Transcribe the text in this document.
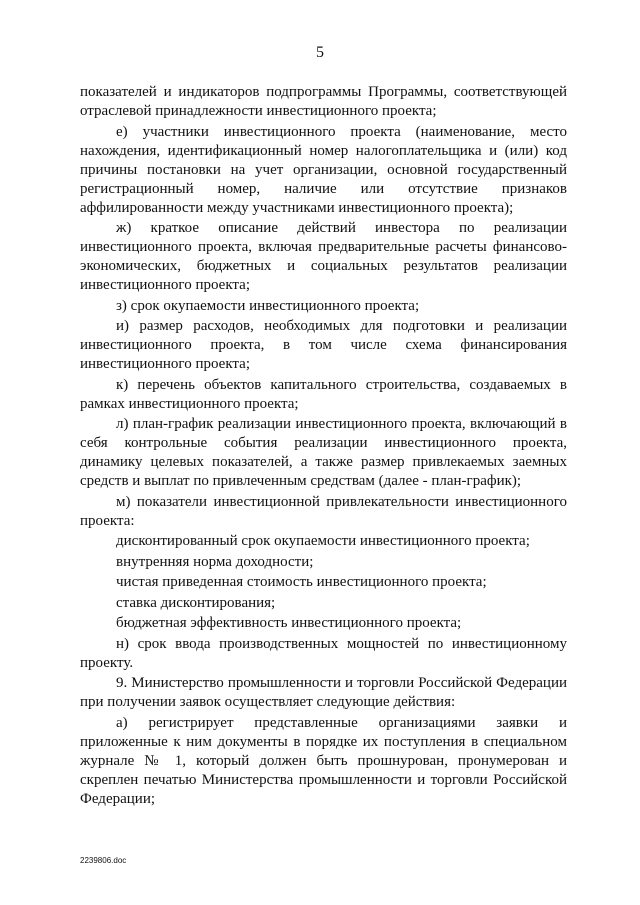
5

показателей и индикаторов подпрограммы Программы, соответствующей отраслевой принадлежности инвестиционного проекта;

е) участники инвестиционного проекта (наименование, место нахождения, идентификационный номер налогоплательщика и (или) код причины постановки на учет организации, основной государственный регистрационный номер, наличие или отсутствие признаков аффилированности между участниками инвестиционного проекта);

ж) краткое описание действий инвестора по реализации инвестиционного проекта, включая предварительные расчеты финансово-экономических, бюджетных и социальных результатов реализации инвестиционного проекта;

з) срок окупаемости инвестиционного проекта;

и) размер расходов, необходимых для подготовки и реализации инвестиционного проекта, в том числе схема финансирования инвестиционного проекта;

к) перечень объектов капитального строительства, создаваемых в рамках инвестиционного проекта;

л) план-график реализации инвестиционного проекта, включающий в себя контрольные события реализации инвестиционного проекта, динамику целевых показателей, а также размер привлекаемых заемных средств и выплат по привлеченным средствам (далее - план-график);

м) показатели инвестиционной привлекательности инвестиционного проекта:

дисконтированный срок окупаемости инвестиционного проекта;

внутренняя норма доходности;

чистая приведенная стоимость инвестиционного проекта;

ставка дисконтирования;

бюджетная эффективность инвестиционного проекта;

н) срок ввода производственных мощностей по инвестиционному проекту.

9. Министерство промышленности и торговли Российской Федерации при получении заявок осуществляет следующие действия:

а) регистрирует представленные организациями заявки и приложенные к ним документы в порядке их поступления в специальном журнале № 1, который должен быть прошнурован, пронумерован и скреплен печатью Министерства промышленности и торговли Российской Федерации;

2239806.doc
